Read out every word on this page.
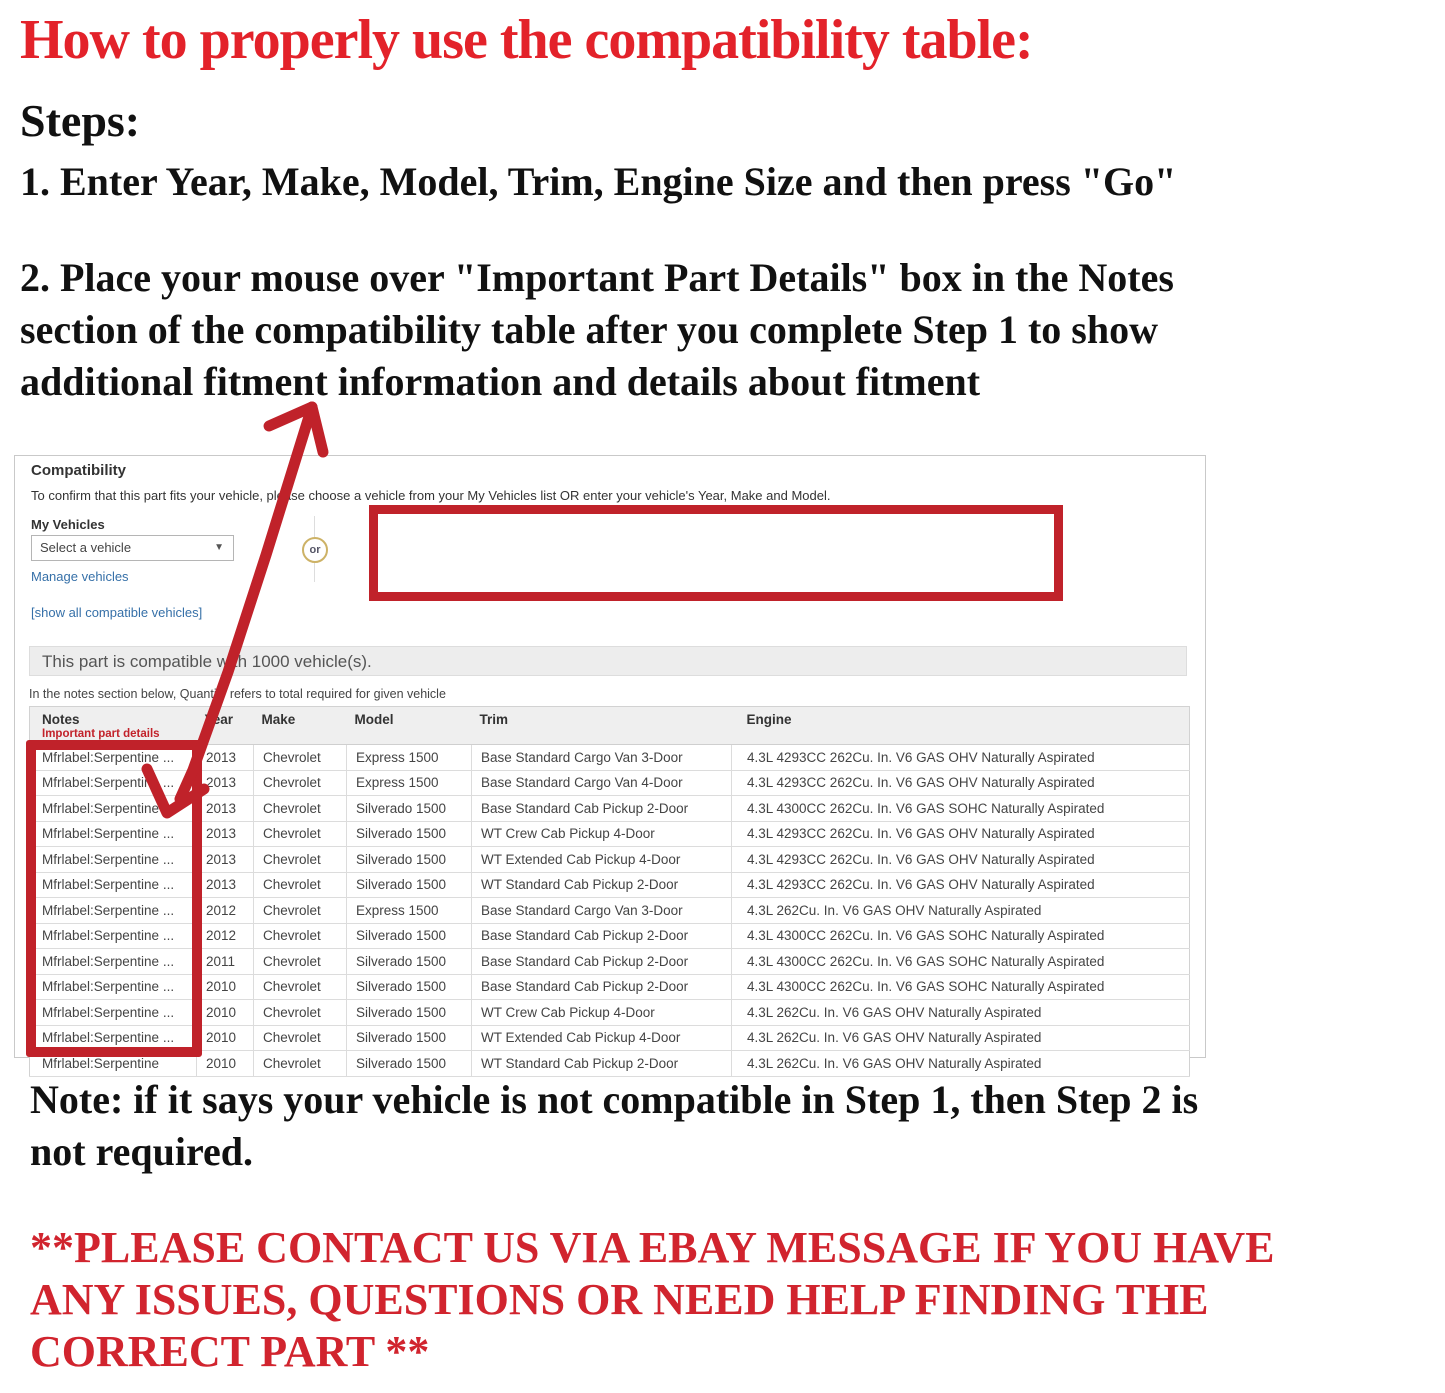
How to properly use the compatibility table:
Steps:
1. Enter Year, Make, Model, Trim, Engine Size and then press "Go"
2. Place your mouse over "Important Part Details" box in the Notes
section of the compatibility table after you complete Step 1 to show
additional fitment information and details about fitment
Compatibility
To confirm that this part fits your vehicle, please choose a vehicle from your My Vehicles list OR enter your vehicle's Year, Make and Model.
My Vehicles
Select a vehicle	▼
Manage vehicles
[show all compatible vehicles]
or
This part is compatible with 1000 vehicle(s).
In the notes section below, Quantity refers to total required for given vehicle
Notes
Important part details	Year	Make	Model	Trim	Engine
Mfrlabel:Serpentine ...	2013	Chevrolet	Express 1500	Base Standard Cargo Van 3-Door	4.3L 4293CC 262Cu. In. V6 GAS OHV Naturally Aspirated
Mfrlabel:Serpentine ...	2013	Chevrolet	Express 1500	Base Standard Cargo Van 4-Door	4.3L 4293CC 262Cu. In. V6 GAS OHV Naturally Aspirated
Mfrlabel:Serpentine ...	2013	Chevrolet	Silverado 1500	Base Standard Cab Pickup 2-Door	4.3L 4300CC 262Cu. In. V6 GAS SOHC Naturally Aspirated
Mfrlabel:Serpentine ...	2013	Chevrolet	Silverado 1500	WT Crew Cab Pickup 4-Door	4.3L 4293CC 262Cu. In. V6 GAS OHV Naturally Aspirated
Mfrlabel:Serpentine ...	2013	Chevrolet	Silverado 1500	WT Extended Cab Pickup 4-Door	4.3L 4293CC 262Cu. In. V6 GAS OHV Naturally Aspirated
Mfrlabel:Serpentine ...	2013	Chevrolet	Silverado 1500	WT Standard Cab Pickup 2-Door	4.3L 4293CC 262Cu. In. V6 GAS OHV Naturally Aspirated
Mfrlabel:Serpentine ...	2012	Chevrolet	Express 1500	Base Standard Cargo Van 3-Door	4.3L 262Cu. In. V6 GAS OHV Naturally Aspirated
Mfrlabel:Serpentine ...	2012	Chevrolet	Silverado 1500	Base Standard Cab Pickup 2-Door	4.3L 4300CC 262Cu. In. V6 GAS SOHC Naturally Aspirated
Mfrlabel:Serpentine ...	2011	Chevrolet	Silverado 1500	Base Standard Cab Pickup 2-Door	4.3L 4300CC 262Cu. In. V6 GAS SOHC Naturally Aspirated
Mfrlabel:Serpentine ...	2010	Chevrolet	Silverado 1500	Base Standard Cab Pickup 2-Door	4.3L 4300CC 262Cu. In. V6 GAS SOHC Naturally Aspirated
Mfrlabel:Serpentine ...	2010	Chevrolet	Silverado 1500	WT Crew Cab Pickup 4-Door	4.3L 262Cu. In. V6 GAS OHV Naturally Aspirated
Mfrlabel:Serpentine ...	2010	Chevrolet	Silverado 1500	WT Extended Cab Pickup 4-Door	4.3L 262Cu. In. V6 GAS OHV Naturally Aspirated
Mfrlabel:Serpentine	2010	Chevrolet	Silverado 1500	WT Standard Cab Pickup 2-Door	4.3L 262Cu. In. V6 GAS OHV Naturally Aspirated
Note: if it says your vehicle is not compatible in Step 1, then Step 2 is
not required.
**PLEASE CONTACT US VIA EBAY MESSAGE IF YOU HAVE
ANY ISSUES, QUESTIONS OR NEED HELP FINDING THE
CORRECT PART **
